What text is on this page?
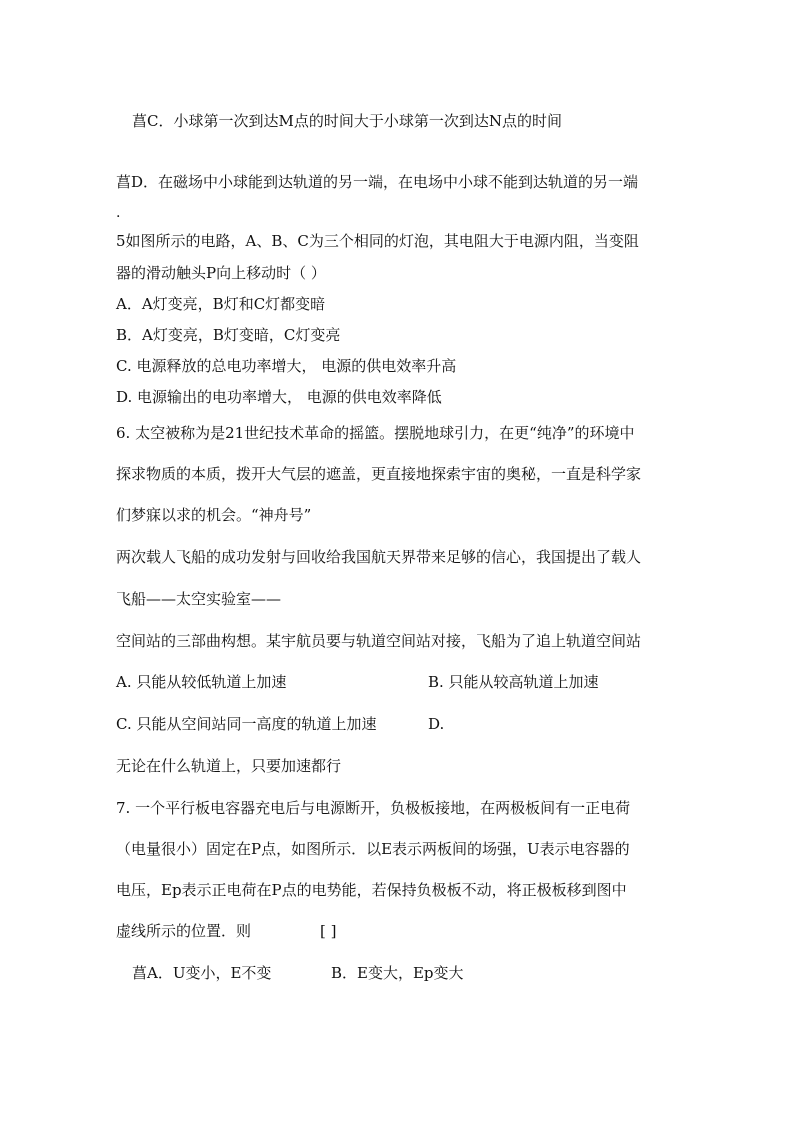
菖C．小球第一次到达M点的时间大于小球第一次到达N点的时间
菖D．在磁场中小球能到达轨道的另一端，在电场中小球不能到达轨道的另一端
.
5如图所示的电路，A、B、C为三个相同的灯泡，其电阻大于电源内阻，当变阻
器的滑动触头P向上移动时（ ）
A．A灯变亮，B灯和C灯都变暗
B．A灯变亮，B灯变暗，C灯变亮
C. 电源释放的总电功率增大， 电源的供电效率升高
D. 电源输出的电功率增大， 电源的供电效率降低
6. 太空被称为是21世纪技术革命的摇篮。摆脱地球引力，在更“纯净”的环境中
探求物质的本质，拨开大气层的遮盖，更直接地探索宇宙的奥秘，一直是科学家
们梦寐以求的机会。“神舟号”
两次载人飞船的成功发射与回收给我国航天界带来足够的信心，我国提出了载人
飞船——太空实验室——
空间站的三部曲构想。某宇航员要与轨道空间站对接，飞船为了追上轨道空间站
A. 只能从较低轨道上加速	B. 只能从较高轨道上加速
C. 只能从空间站同一高度的轨道上加速	D.
无论在什么轨道上，只要加速都行
7. 一个平行板电容器充电后与电源断开，负极板接地，在两极板间有一正电荷
（电量很小）固定在P点，如图所示．以E表示两板间的场强，U表示电容器的
电压，Ep表示正电荷在P点的电势能，若保持负极板不动，将正极板移到图中
虚线所示的位置．则	[ ]
菖A．U变小，E不变	B．E变大，Ep变大
